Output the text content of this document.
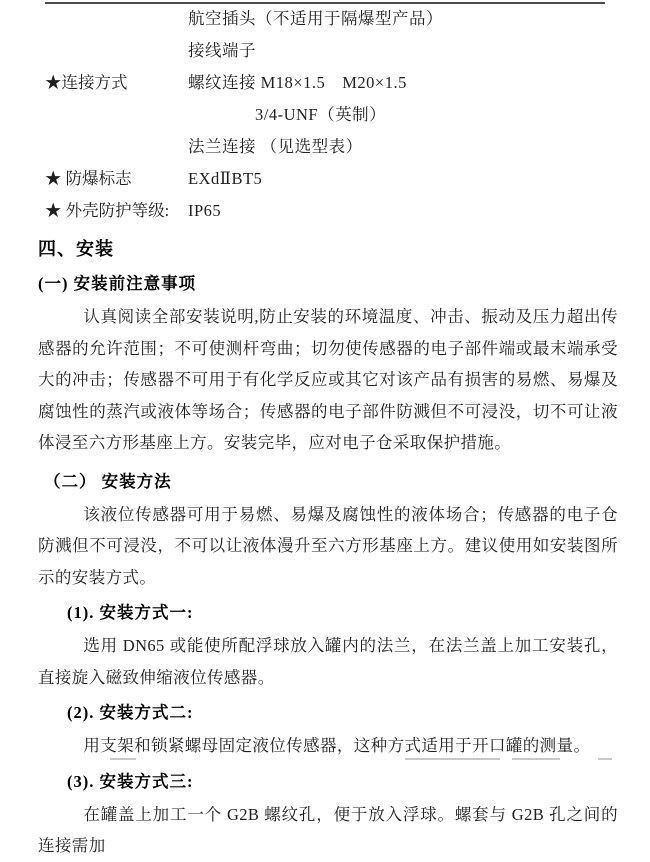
航空插头（不适用于隔爆型产品）
接线端子
★连接方式	螺纹连接 M18×1.5　M20×1.5
3/4-UNF（英制）
法兰连接 （见选型表）
★ 防爆标志	EXdⅡBT5
★ 外壳防护等级:	IP65
四、安装
(一) 安装前注意事项

认真阅读全部安装说明,防止安装的环境温度、冲击、振动及压力超出传感器的允许范围；不可使测杆弯曲；切勿使传感器的电子部件端或最末端承受大的冲击；传感器不可用于有化学反应或其它对该产品有损害的易燃、易爆及腐蚀性的蒸汽或液体等场合；传感器的电子部件防溅但不可浸没，切不可让液体浸至六方形基座上方。安装完毕，应对电子仓采取保护措施。

（二） 安装方法

该液位传感器可用于易燃、易爆及腐蚀性的液体场合；传感器的电子仓防溅但不可浸没，不可以让液体漫升至六方形基座上方。建议使用如安装图所示的安装方式。

(1). 安装方式一:

选用 DN65 或能使所配浮球放入罐内的法兰，在法兰盖上加工安装孔，直接旋入磁致伸缩液位传感器。

(2). 安装方式二:

用支架和锁紧螺母固定液位传感器，这种方式适用于开口罐的测量。

(3). 安装方式三:

在罐盖上加工一个 G2B 螺纹孔，便于放入浮球。螺套与 G2B 孔之间的连接需加
